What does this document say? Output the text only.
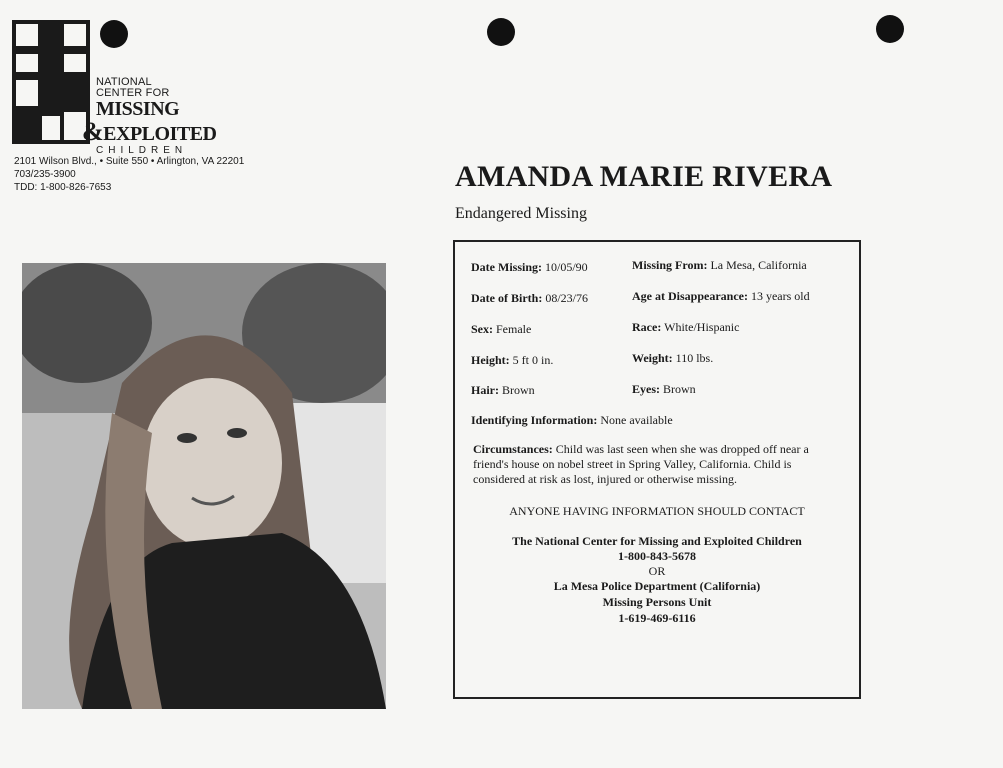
NATIONAL
CENTER FOR
MISSING
&EXPLOITED
CHILDREN
2101 Wilson Blvd., • Suite 550 • Arlington, VA 22201
703/235-3900
TDD: 1-800-826-7653	AMANDA MARIE RIVERA
Endangered Missing
Date Missing: 10/05/90	Missing From: La Mesa, California
Date of Birth: 08/23/76	Age at Disappearance: 13 years old
Sex: Female	Race: White/Hispanic
Height: 5 ft 0 in.	Weight: 110 lbs.
Hair: Brown	Eyes: Brown
Identifying Information: None available
Circumstances: Child was last seen when she was dropped off near a friend's house on nobel street in Spring Valley, California. Child is considered at risk as lost, injured or otherwise missing.
ANYONE HAVING INFORMATION SHOULD CONTACT
The National Center for Missing and Exploited Children
1-800-843-5678
OR
La Mesa Police Department (California)
Missing Persons Unit
1-619-469-6116
